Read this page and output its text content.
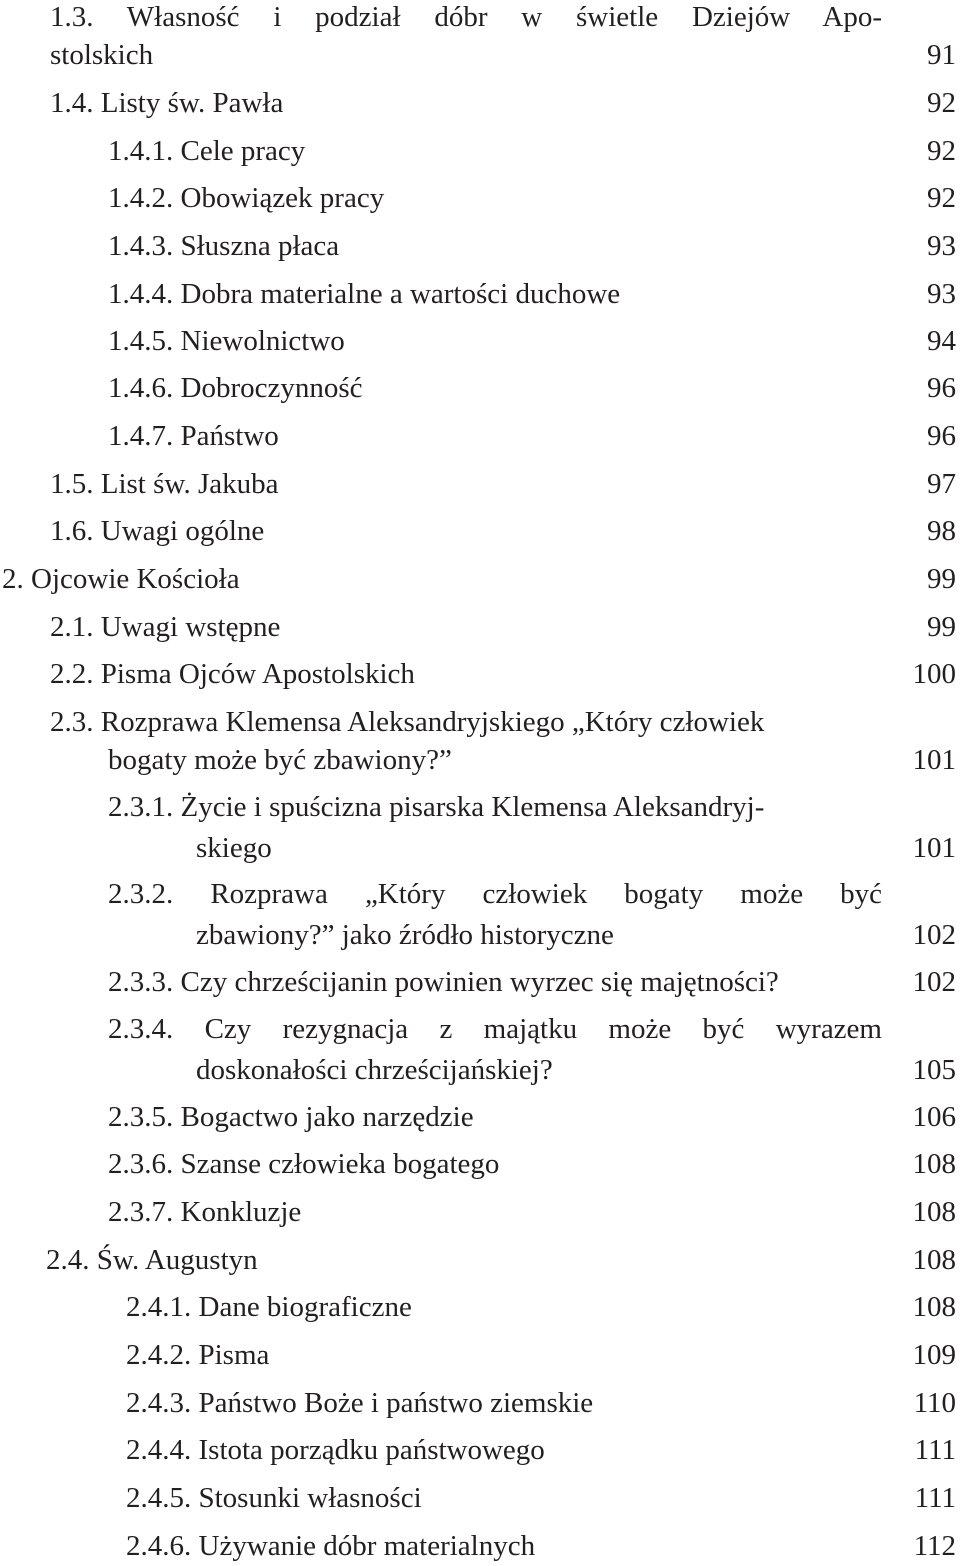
1.3. Własność i podział dóbr w świetle Dziejów Apo-
stolskich	91
1.4. Listy św. Pawła	92
1.4.1. Cele pracy	92
1.4.2. Obowiązek pracy	92
1.4.3. Słuszna płaca	93
1.4.4. Dobra materialne a wartości duchowe	93
1.4.5. Niewolnictwo	94
1.4.6. Dobroczynność	96
1.4.7. Państwo	96
1.5. List św. Jakuba	97
1.6. Uwagi ogólne	98
2. Ojcowie Kościoła	99
2.1. Uwagi wstępne	99
2.2. Pisma Ojców Apostolskich	100
2.3. Rozprawa Klemensa Aleksandryjskiego „Który człowiek
bogaty może być zbawiony?”	101
2.3.1. Życie i spuścizna pisarska Klemensa Aleksandryj-
skiego	101
2.3.2. Rozprawa „Który człowiek bogaty może być
zbawiony?” jako źródło historyczne	102
2.3.3. Czy chrześcijanin powinien wyrzec się majętności?	102
2.3.4. Czy rezygnacja z majątku może być wyrazem
doskonałości chrześcijańskiej?	105
2.3.5. Bogactwo jako narzędzie	106
2.3.6. Szanse człowieka bogatego	108
2.3.7. Konkluzje	108
2.4. Św. Augustyn	108
2.4.1. Dane biograficzne	108
2.4.2. Pisma	109
2.4.3. Państwo Boże i państwo ziemskie	110
2.4.4. Istota porządku państwowego	111
2.4.5. Stosunki własności	111
2.4.6. Używanie dóbr materialnych	112
